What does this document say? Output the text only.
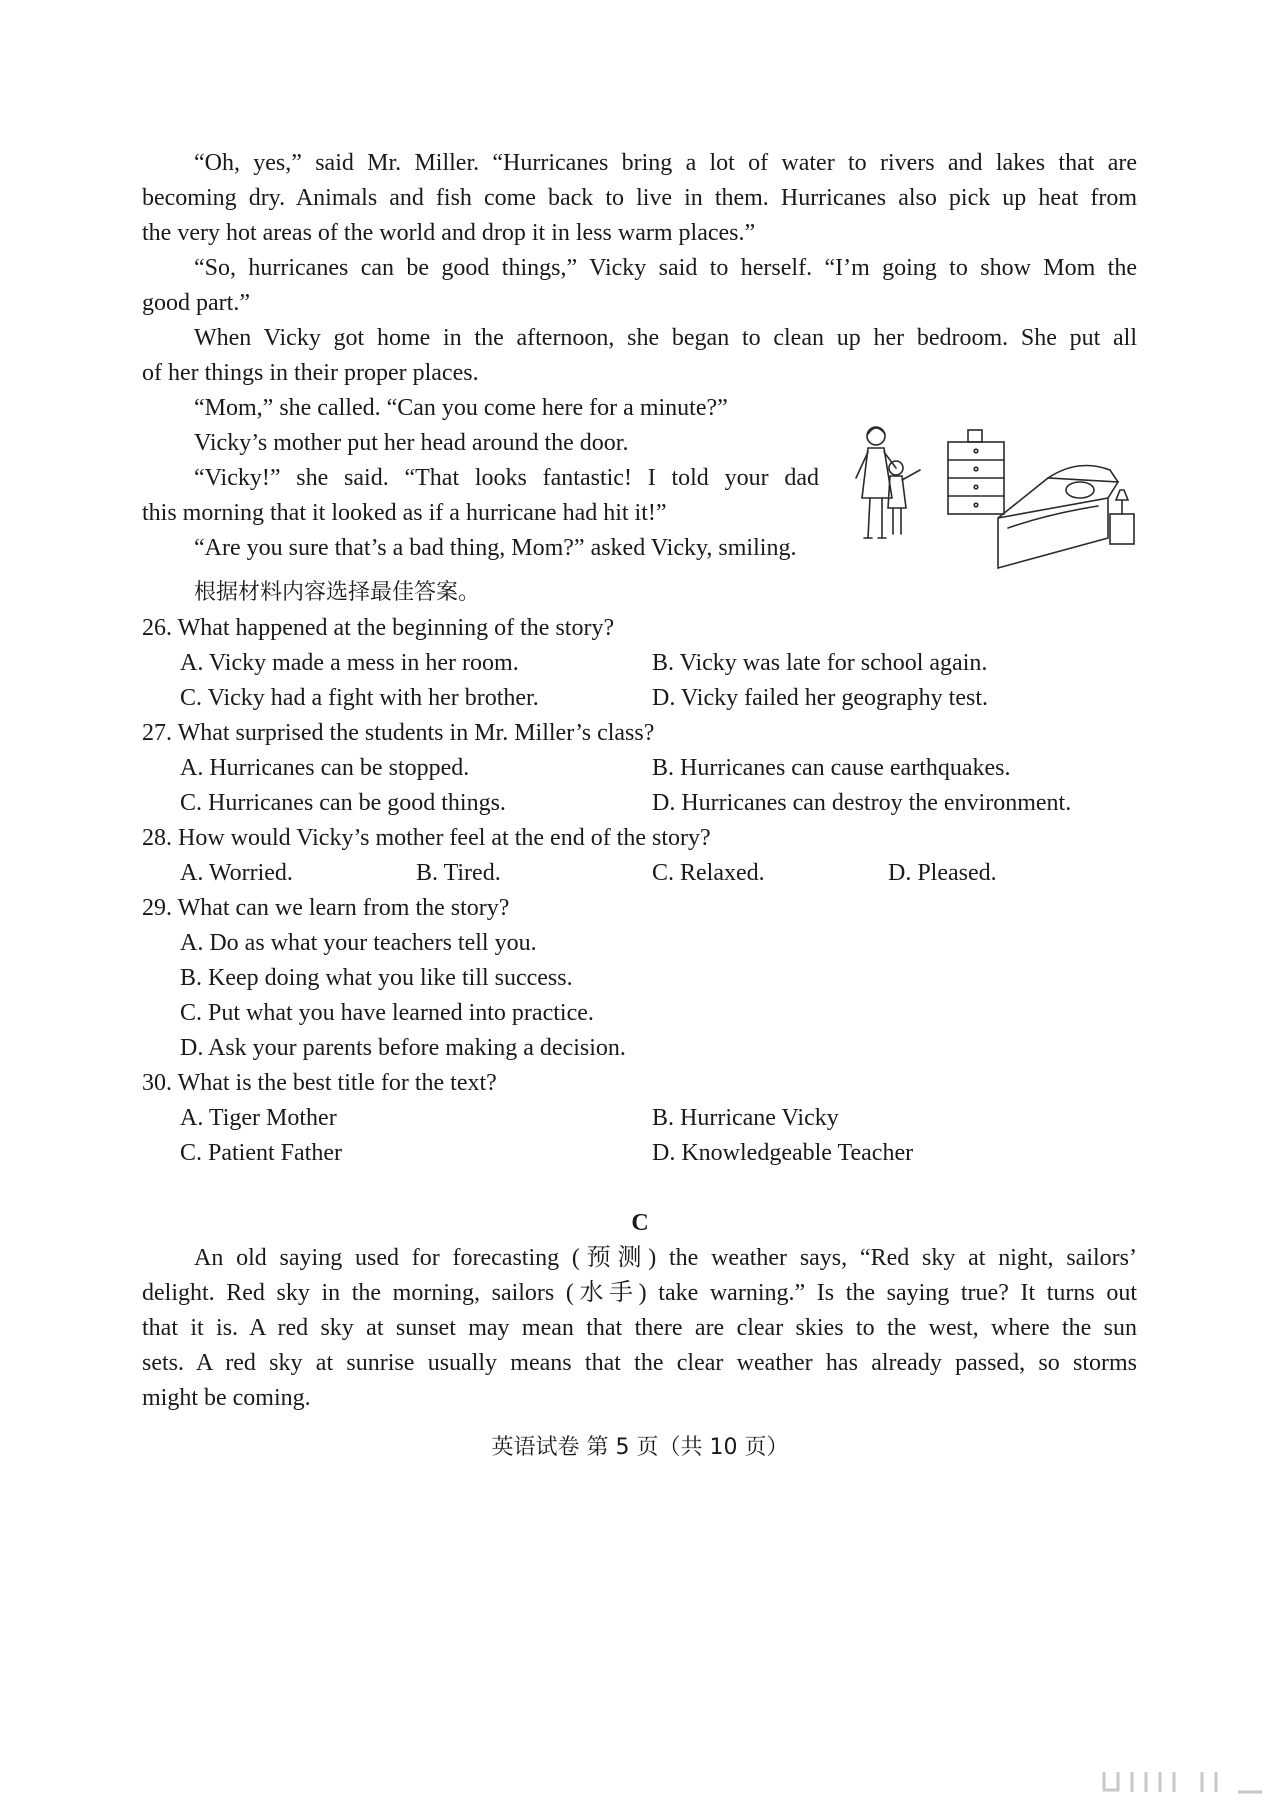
“Oh, yes,” said Mr. Miller. “Hurricanes bring a lot of water to rivers and lakes that are
becoming dry. Animals and fish come back to live in them. Hurricanes also pick up heat from
the very hot areas of the world and drop it in less warm places.”
“So, hurricanes can be good things,” Vicky said to herself. “I’m going to show Mom the
good part.”
When Vicky got home in the afternoon, she began to clean up her bedroom. She put all
of her things in their proper places.
“Mom,” she called. “Can you come here for a minute?”
Vicky’s mother put her head around the door.
“Vicky!” she said. “That looks fantastic! I told your dad
this morning that it looked as if a hurricane had hit it!”
“Are you sure that’s a bad thing, Mom?” asked Vicky, smiling.
根据材料内容选择最佳答案。
26. What happened at the beginning of the story?
A. Vicky made a mess in her room.	B. Vicky was late for school again.
C. Vicky had a fight with her brother.	D. Vicky failed her geography test.
27. What surprised the students in Mr. Miller’s class?
A. Hurricanes can be stopped.	B. Hurricanes can cause earthquakes.
C. Hurricanes can be good things.	D. Hurricanes can destroy the environment.
28. How would Vicky’s mother feel at the end of the story?
A. Worried.	B. Tired.	C. Relaxed.	D. Pleased.
29. What can we learn from the story?
A. Do as what your teachers tell you.
B. Keep doing what you like till success.
C. Put what you have learned into practice.
D. Ask your parents before making a decision.
30. What is the best title for the text?
A. Tiger Mother	B. Hurricane Vicky
C. Patient Father	D. Knowledgeable Teacher
C
An old saying used for forecasting (预测) the weather says, “Red sky at night, sailors’
delight. Red sky in the morning, sailors (水手) take warning.” Is the saying true? It turns out
that it is. A red sky at sunset may mean that there are clear skies to the west, where the sun
sets. A red sky at sunrise usually means that the clear weather has already passed, so storms
might be coming.
英语试卷 第 5 页（共 10 页）
